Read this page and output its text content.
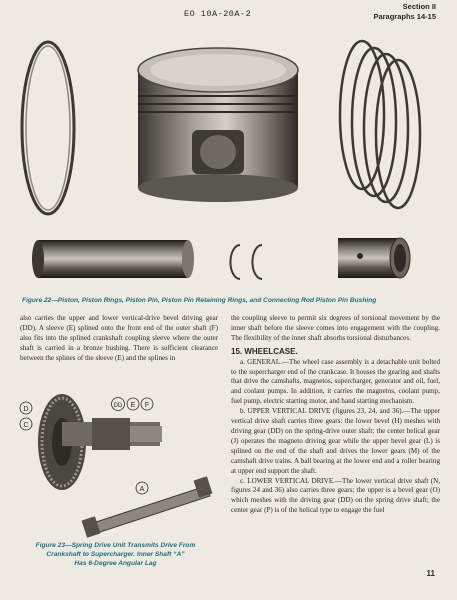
EO 10A-20A-2
Section II
Paragraphs 14-15
Figure 22—Piston, Piston Rings, Piston Pin, Piston Pin Retaining Rings, and Connecting Rod Piston Pin Bushing

also carries the upper and lower vertical-drive bevel driving gear (DD). A sleeve (E) splined onto the front end of the outer shaft (F) also fits into the splined crankshaft coupling sleeve where the outer shaft is carried in a bronze bushing. There is sufficient clearance between the splines of the sleeve (E) and the splines in

D
C
DD E F
A
Figure 23—Spring Drive Unit Transmits Drive From
Crankshaft to Supercharger. Inner Shaft “A”
Has 6-Degree Angular Lag

the coupling sleeve to permit six degrees of torsional movement by the inner shaft before the sleeve comes into engagement with the coupling. The flexibility of the inner shaft absorbs torsional disturbances.

15. WHEELCASE.

a. GENERAL.—The wheel case assembly is a detachable unit bolted to the supercharger end of the crankcase. It houses the gearing and shafts that drive the camshafts, magnetos, supercharger, generator and oil, fuel, and coolant pumps. In addition, it carries the magnetos, coolant pump, fuel pump, electric starting motor, and hand starting mechanism.

b. UPPER VERTICAL DRIVE (figures 23, 24, and 36).—The upper vertical drive shaft carries three gears: the lower bevel (H) meshes with driving gear (DD) on the spring-drive outer shaft; the center helical gear (J) operates the magneto driving gear while the upper bevel gear (L) is splined on the end of the shaft and drives the lower gears (M) of the camshaft drive trains. A ball bearing at the lower end and a roller bearing at upper end support the shaft.

c. LOWER VERTICAL DRIVE.—The lower vertical drive shaft (N, figures 24 and 36) also carries three gears; the upper is a bevel gear (O) which meshes with the driving gear (DD) on the spring drive shaft; the center gear (P) is of the helical type to engage the fuel

11
